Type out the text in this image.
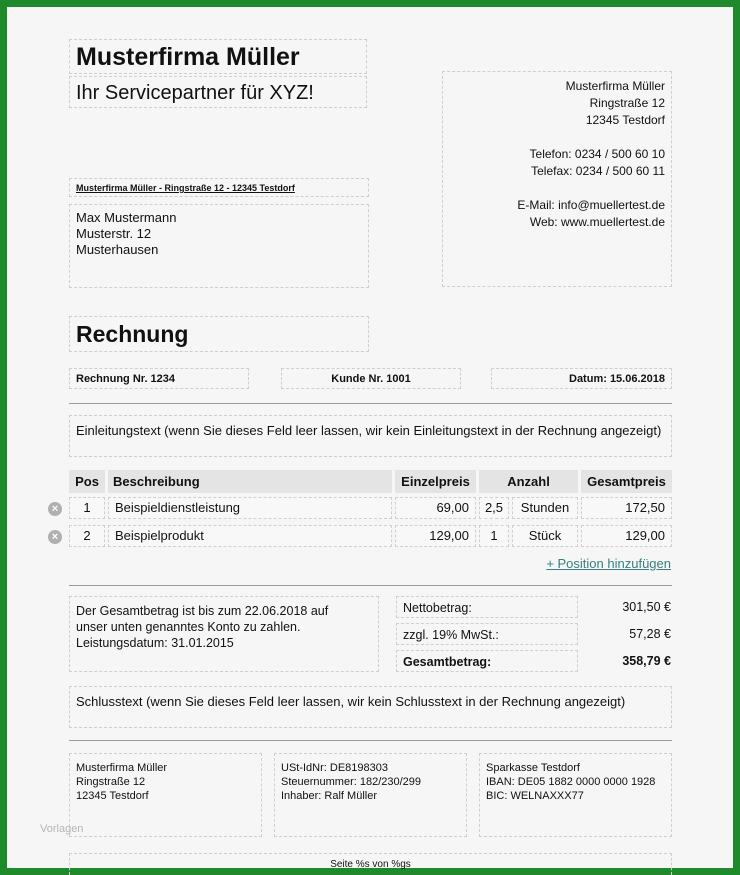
Musterfirma Müller
Ihr Servicepartner für XYZ!	Musterfirma Müller
Ringstraße 12
12345 Testdorf
Telefon: 0234 / 500 60 10
Telefax: 0234 / 500 60 11
E-Mail: info@muellertest.de
Web: www.muellertest.de
Musterfirma Müller - Ringstraße 12 - 12345 Testdorf
Max Mustermann
Musterstr. 12
Musterhausen
Rechnung
Rechnung Nr. 1234	Kunde Nr. 1001	Datum: 15.06.2018
Einleitungstext (wenn Sie dieses Feld leer lassen, wir kein Einleitungstext in der Rechnung angezeigt)
Pos	Beschreibung	Einzelpreis	Anzahl	Gesamtpreis
×	1	Beispieldienstleistung	69,00	2,5	Stunden	172,50
×	2	Beispielprodukt	129,00	1	Stück	129,00
+ Position hinzufügen
Der Gesamtbetrag ist bis zum 22.06.2018 auf
unser unten genanntes Konto zu zahlen.
Leistungsdatum: 31.01.2015
Nettobetrag:	301,50 €
zzgl. 19% MwSt.:	57,28 €
Gesamtbetrag:	358,79 €
Schlusstext (wenn Sie dieses Feld leer lassen, wir kein Schlusstext in der Rechnung angezeigt)
Musterfirma Müller
Ringstraße 12
12345 Testdorf
USt-IdNr: DE8198303
Steuernummer: 182/230/299
Inhaber: Ralf Müller
Sparkasse Testdorf
IBAN: DE05 1882 0000 0000 1928
BIC: WELNAXXX77
Vorlagen
Seite %s von %gs
